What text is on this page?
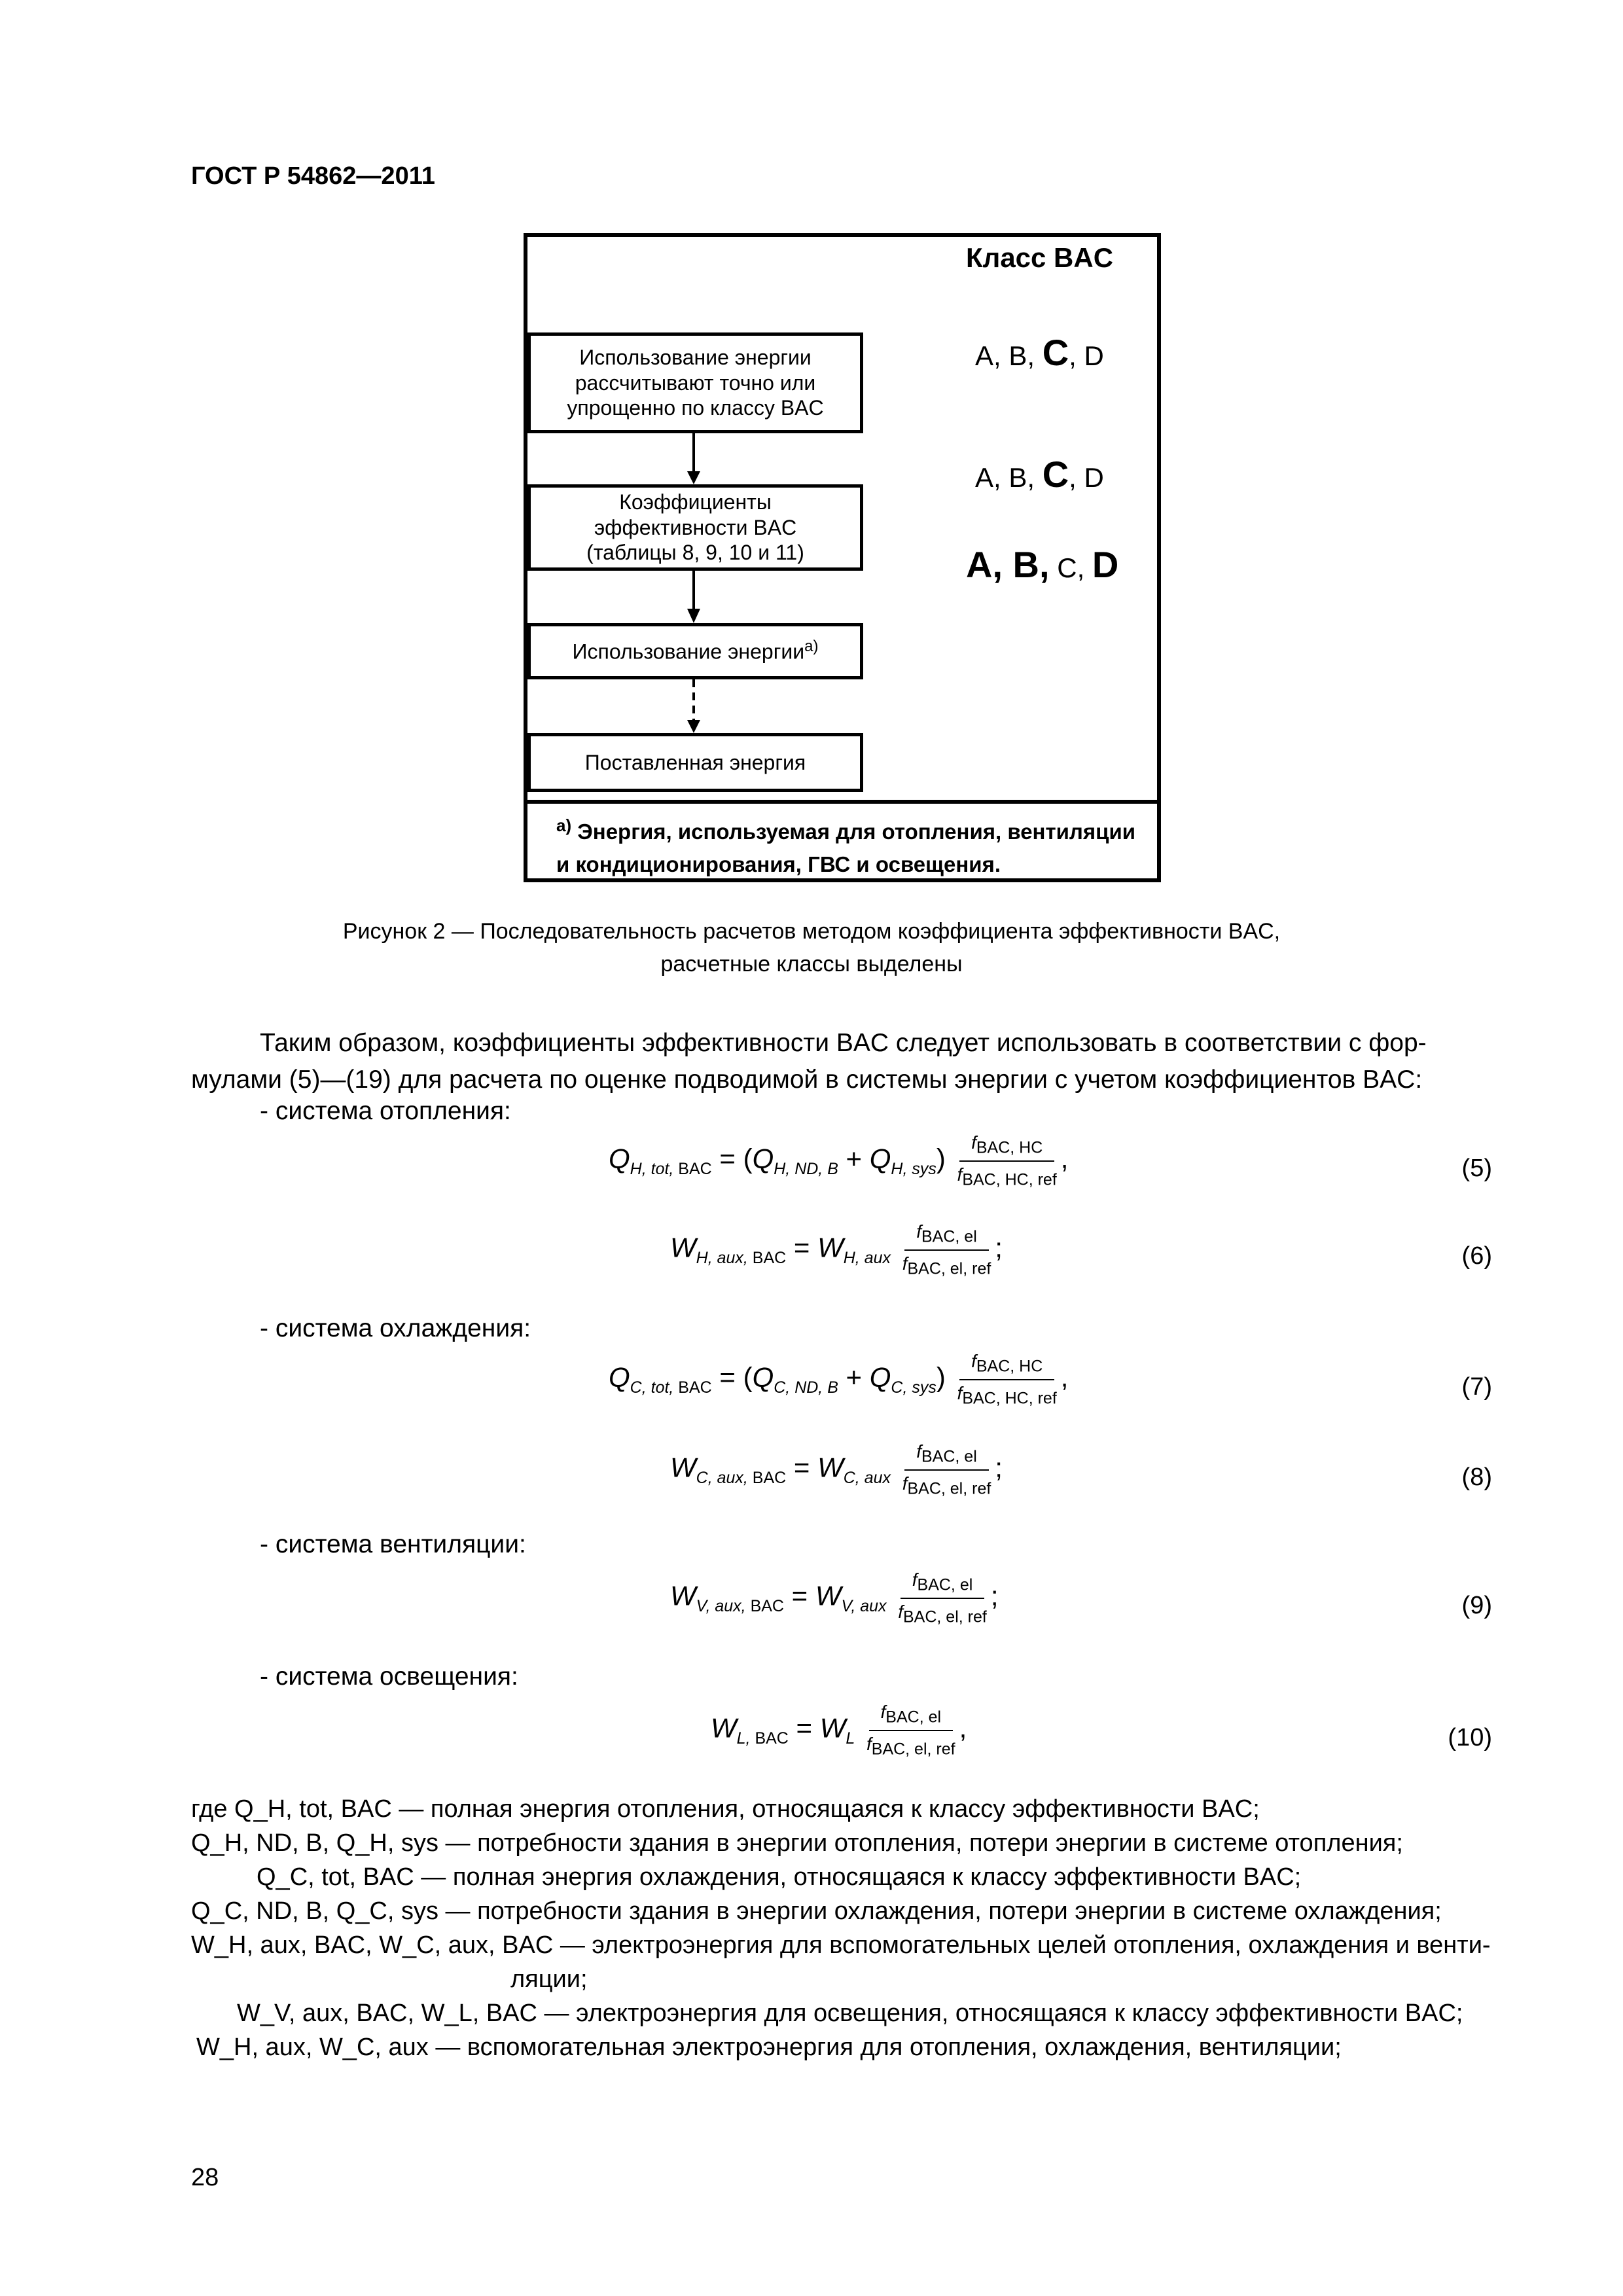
ГОСТ Р 54862—2011
Класс BAC
Использование энергии рассчитывают точно или упрощенно по классу BAC
Коэффициенты эффективности BAC (таблицы 8, 9, 10 и 11)
Использование энергии$^{а)}$
Поставленная энергия
A, B, C, D
A, B, C, D
A, B, C, D
$^{а)}$ Энергия, используемая для отопления, вентиляции
и кондиционирования, ГВС и освещения.
Рисунок 2 — Последовательность расчетов методом коэффициента эффективности BAC,
расчетные классы выделены
Таким образом, коэффициенты эффективности BAC следует использовать в соответствии с фор-
мулами (5)—(19) для расчета по оценке подводимой в системы энергии с учетом коэффициентов BAC:
- система отопления:
$Q_{H, tot,}$ $_{BAC} = (Q_{H, ND, B} + Q_{H, sys}) \frac{f_{BAC, HC}}{f_{BAC, HC, ref}}$ ,	(5)
$W_{H, aux,}$ $_{BAC} = W_{H, aux} \frac{f_{BAC, el}}{f_{BAC, el, ref}}$ ;	(6)
- система охлаждения:
$Q_{C, tot,}$ $_{BAC} = (Q_{C, ND, B} + Q_{C, sys}) \frac{f_{BAC, HC}}{f_{BAC, HC, ref}}$ ,	(7)
$W_{C, aux,}$ $_{BAC} = W_{C, aux} \frac{f_{BAC, el}}{f_{BAC, el, ref}}$ ;	(8)
- система вентиляции:
$W_{V, aux,}$ $_{BAC} = W_{V, aux} \frac{f_{BAC, el}}{f_{BAC, el, ref}}$ ;	(9)
- система освещения:
$W_{L,}$ $_{BAC} = W_L \frac{f_{BAC, el}}{f_{BAC, el, ref}}$ ,	(10)
где Q_H, tot, BAC — полная энергия отопления, относящаяся к классу эффективности BAC;
Q_H, ND, B, Q_H, sys — потребности здания в энергии отопления, потери энергии в системе отопления;
Q_C, tot, BAC — полная энергия охлаждения, относящаяся к классу эффективности BAC;
Q_C, ND, B, Q_C, sys — потребности здания в энергии охлаждения, потери энергии в системе охлаждения;
W_H, aux, BAC, W_C, aux, BAC — электроэнергия для вспомогательных целей отопления, охлаждения и венти-
ляции;
W_V, aux, BAC, W_L, BAC — электроэнергия для освещения, относящаяся к классу эффективности BAC;
W_H, aux, W_C, aux — вспомогательная электроэнергия для отопления, охлаждения, вентиляции;
28
